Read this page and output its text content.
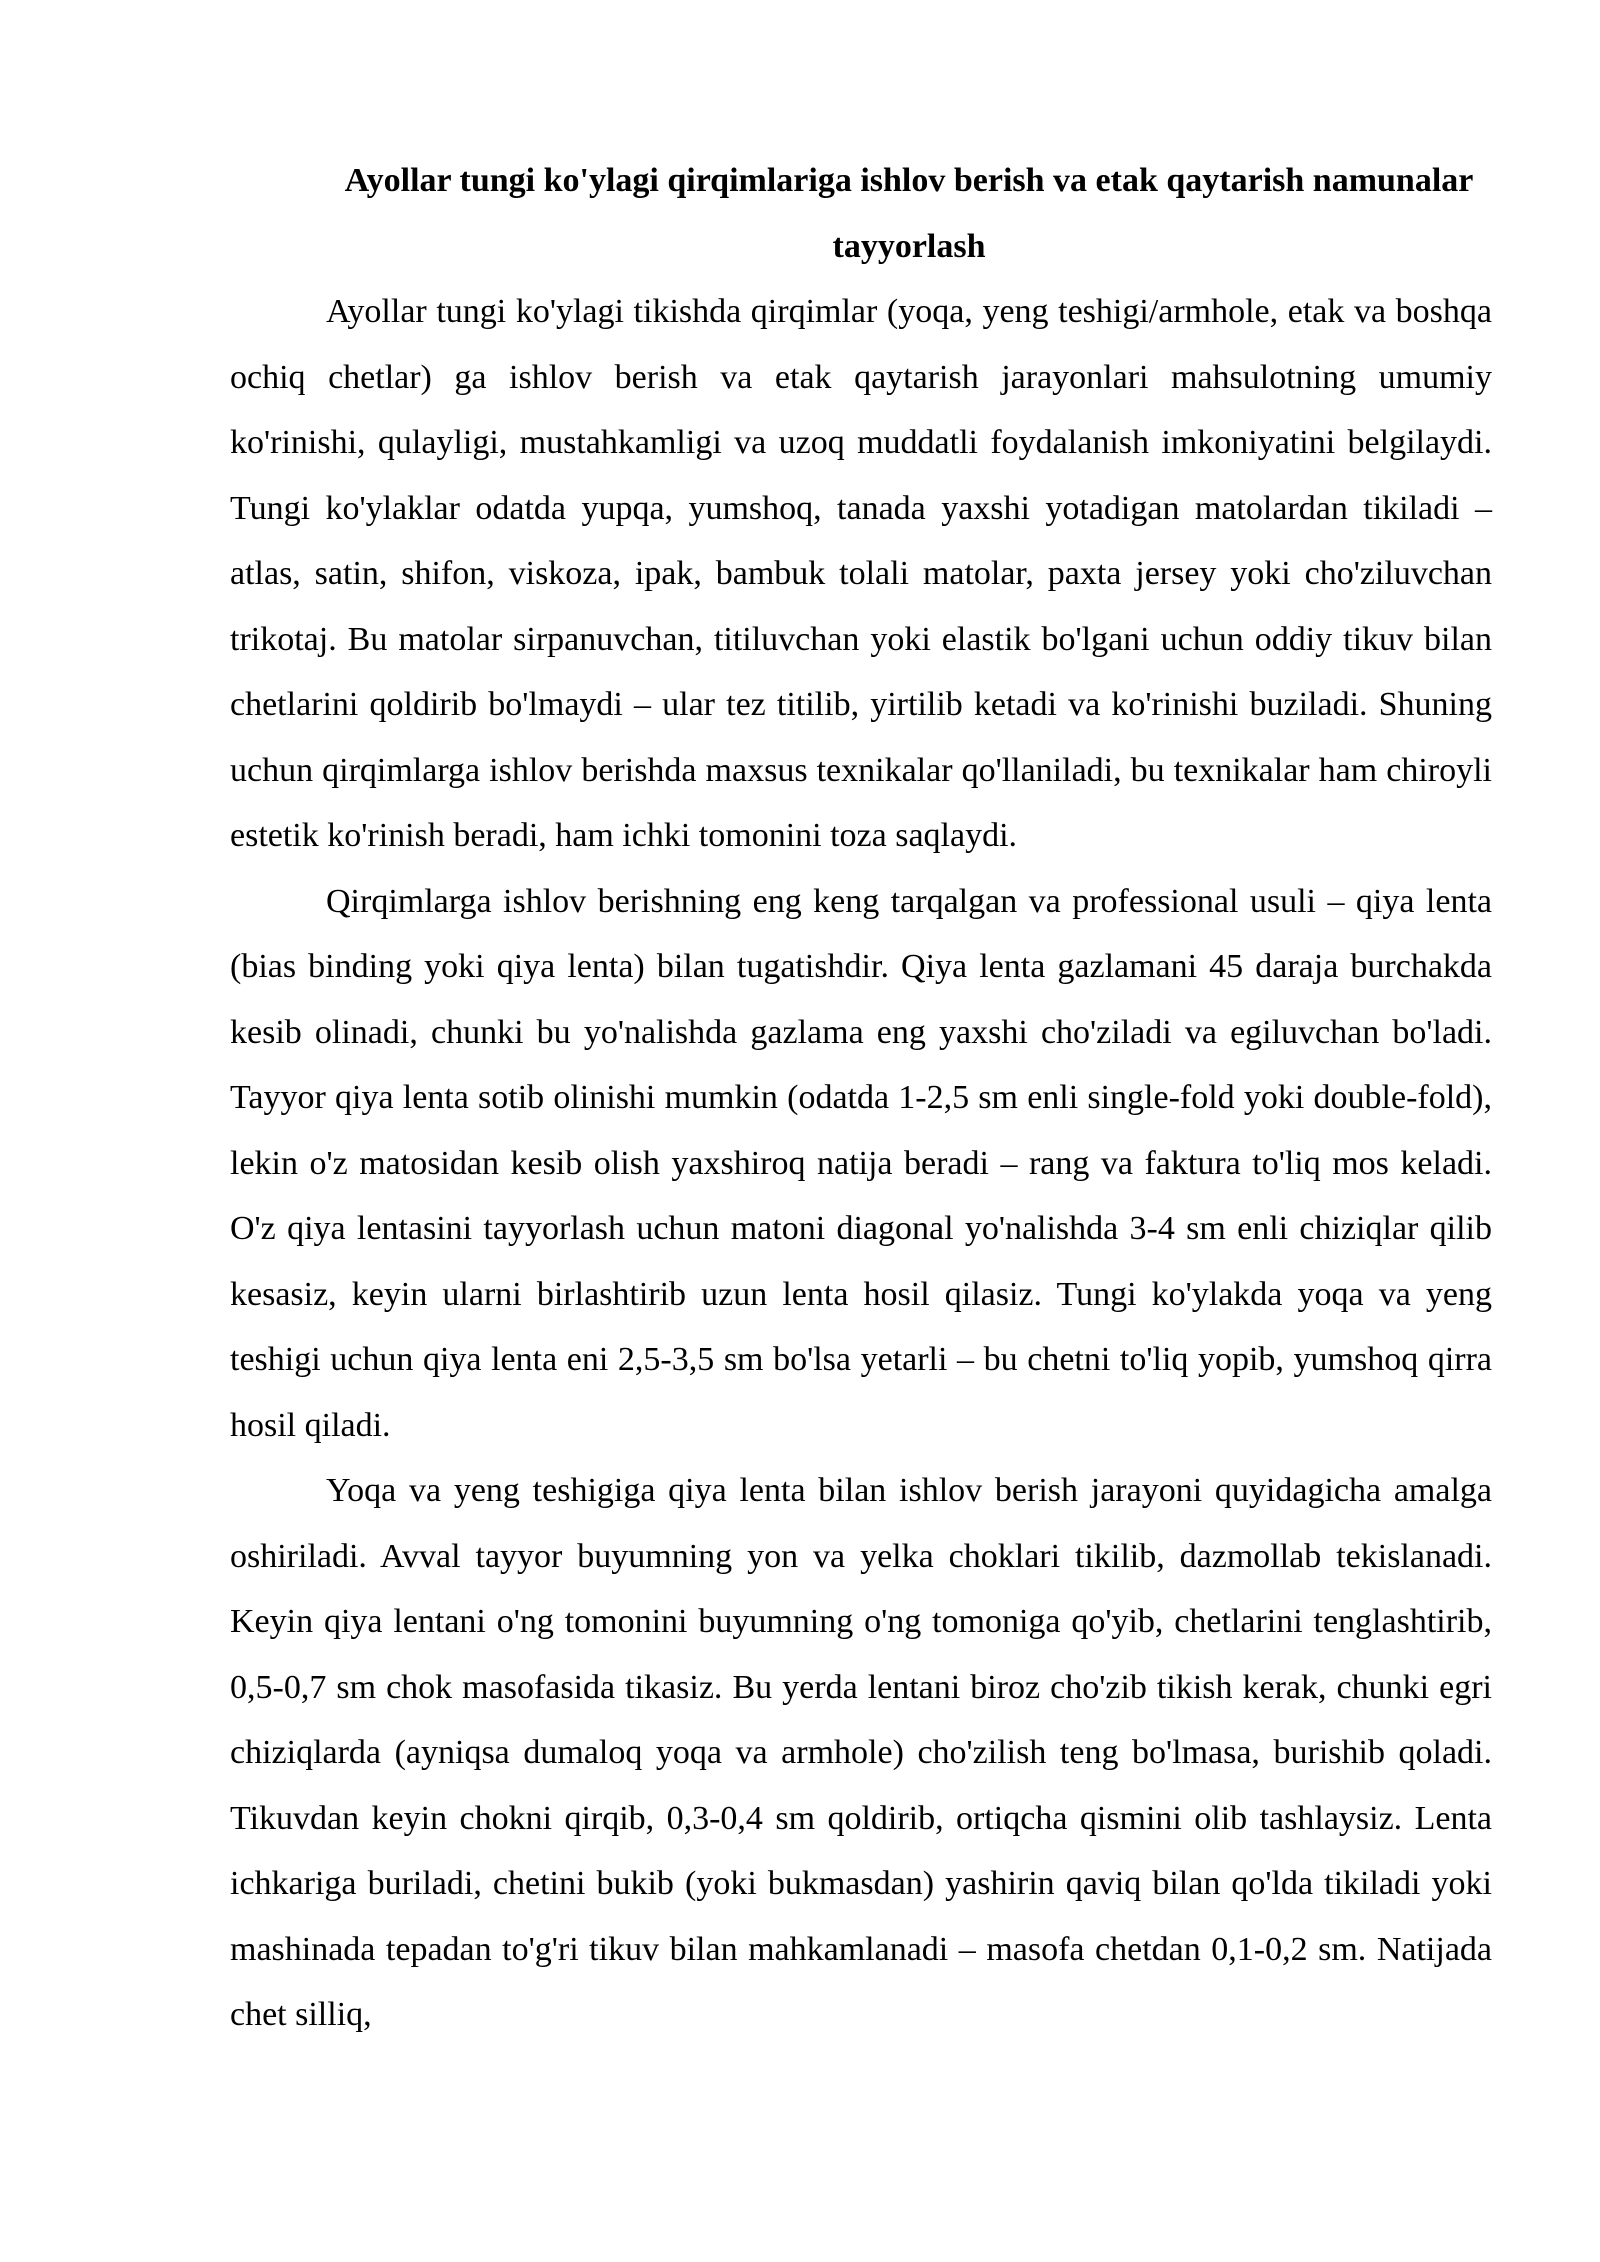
Ayollar tungi ko'ylagi qirqimlariga ishlov berish va etak qaytarish namunalar tayyorlash

Ayollar tungi ko'ylagi tikishda qirqimlar (yoqa, yeng teshigi/armhole, etak va boshqa ochiq chetlar) ga ishlov berish va etak qaytarish jarayonlari mahsulotning umumiy ko'rinishi, qulayligi, mustahkamligi va uzoq muddatli foydalanish imkoniyatini belgilaydi. Tungi ko'ylaklar odatda yupqa, yumshoq, tanada yaxshi yotadigan matolardan tikiladi – atlas, satin, shifon, viskoza, ipak, bambuk tolali matolar, paxta jersey yoki cho'ziluvchan trikotaj. Bu matolar sirpanuvchan, titiluvchan yoki elastik bo'lgani uchun oddiy tikuv bilan chetlarini qoldirib bo'lmaydi – ular tez titilib, yirtilib ketadi va ko'rinishi buziladi. Shuning uchun qirqimlarga ishlov berishda maxsus texnikalar qo'llaniladi, bu texnikalar ham chiroyli estetik ko'rinish beradi, ham ichki tomonini toza saqlaydi.

Qirqimlarga ishlov berishning eng keng tarqalgan va professional usuli – qiya lenta (bias binding yoki qiya lenta) bilan tugatishdir. Qiya lenta gazlamani 45 daraja burchakda kesib olinadi, chunki bu yo'nalishda gazlama eng yaxshi cho'ziladi va egiluvchan bo'ladi. Tayyor qiya lenta sotib olinishi mumkin (odatda 1-2,5 sm enli single-fold yoki double-fold), lekin o'z matosidan kesib olish yaxshiroq natija beradi – rang va faktura to'liq mos keladi. O'z qiya lentasini tayyorlash uchun matoni diagonal yo'nalishda 3-4 sm enli chiziqlar qilib kesasiz, keyin ularni birlashtirib uzun lenta hosil qilasiz. Tungi ko'ylakda yoqa va yeng teshigi uchun qiya lenta eni 2,5-3,5 sm bo'lsa yetarli – bu chetni to'liq yopib, yumshoq qirra hosil qiladi.

Yoqa va yeng teshigiga qiya lenta bilan ishlov berish jarayoni quyidagicha amalga oshiriladi. Avval tayyor buyumning yon va yelka choklari tikilib, dazmollab tekislanadi. Keyin qiya lentani o'ng tomonini buyumning o'ng tomoniga qo'yib, chetlarini tenglashtirib, 0,5-0,7 sm chok masofasida tikasiz. Bu yerda lentani biroz cho'zib tikish kerak, chunki egri chiziqlarda (ayniqsa dumaloq yoqa va armhole) cho'zilish teng bo'lmasa, burishib qoladi. Tikuvdan keyin chokni qirqib, 0,3-0,4 sm qoldirib, ortiqcha qismini olib tashlaysiz. Lenta ichkariga buriladi, chetini bukib (yoki bukmasdan) yashirin qaviq bilan qo'lda tikiladi yoki mashinada tepadan to'g'ri tikuv bilan mahkamlanadi – masofa chetdan 0,1-0,2 sm. Natijada chet silliq,
